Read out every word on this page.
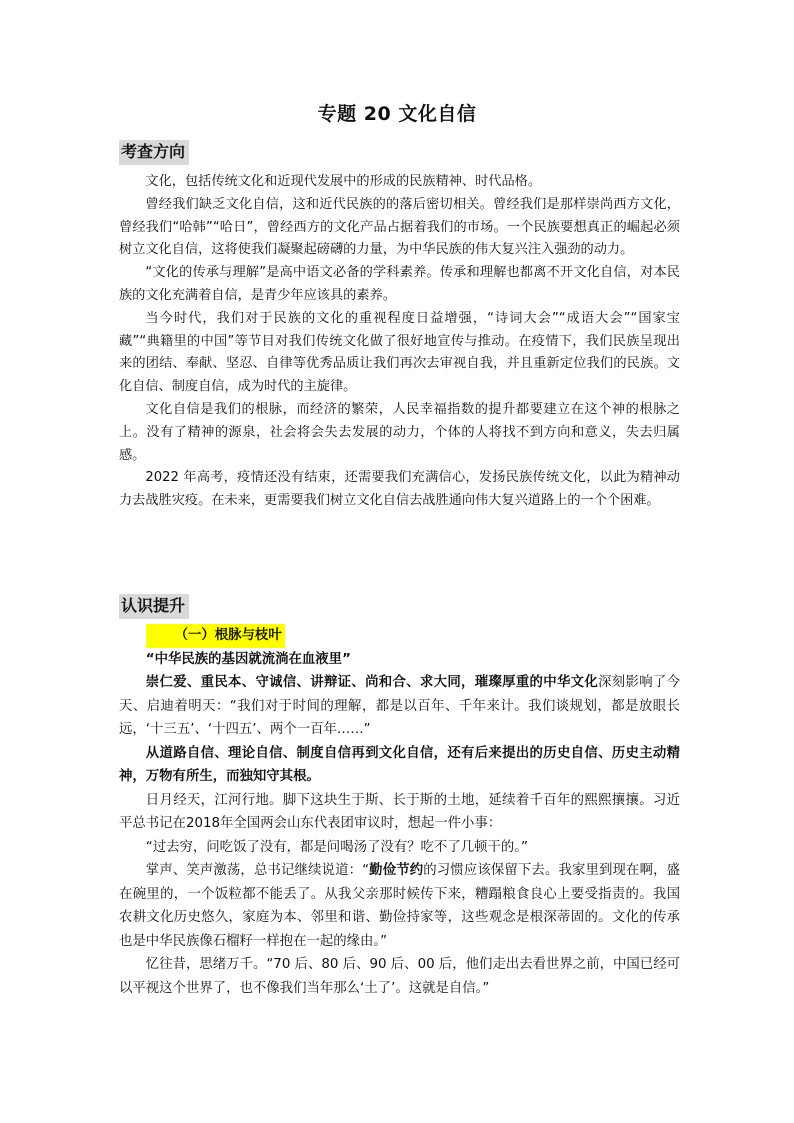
专题 20 文化自信
考查方向

文化，包括传统文化和近现代发展中的形成的民族精神、时代品格。

曾经我们缺乏文化自信，这和近代民族的的落后密切相关。曾经我们是那样崇尚西方文化，曾经我们“哈韩”“哈日”，曾经西方的文化产品占据着我们的市场。一个民族要想真正的崛起必须树立文化自信，这将使我们凝聚起磅礴的力量，为中华民族的伟大复兴注入强劲的动力。

“文化的传承与理解”是高中语文必备的学科素养。传承和理解也都离不开文化自信，对本民族的文化充满着自信，是青少年应该具的素养。

当今时代，我们对于民族的文化的重视程度日益增强，“诗词大会”“成语大会”“国家宝藏”“典籍里的中国”等节目对我们传统文化做了很好地宣传与推动。在疫情下，我们民族呈现出来的团结、奉献、坚忍、自律等优秀品质让我们再次去审视自我，并且重新定位我们的民族。文化自信、制度自信，成为时代的主旋律。

文化自信是我们的根脉，而经济的繁荣，人民幸福指数的提升都要建立在这个神的根脉之上。没有了精神的源泉，社会将会失去发展的动力，个体的人将找不到方向和意义，失去归属感。

2022 年高考，疫情还没有结束，还需要我们充满信心，发扬民族传统文化，以此为精神动力去战胜灾疫。在未来，更需要我们树立文化自信去战胜通向伟大复兴道路上的一个个困难。

认识提升

（一）根脉与枝叶

“中华民族的基因就流淌在血液里”

崇仁爱、重民本、守诚信、讲辩证、尚和合、求大同，璀璨厚重的中华文化深刻影响了今天、启迪着明天：“我们对于时间的理解，都是以百年、千年来计。我们谈规划，都是放眼长远，‘十三五’、‘十四五’、两个一百年……”

从道路自信、理论自信、制度自信再到文化自信，还有后来提出的历史自信、历史主动精神，万物有所生，而独知守其根。

日月经天，江河行地。脚下这块生于斯、长于斯的土地，延续着千百年的熙熙攘攘。习近平总书记在2018年全国两会山东代表团审议时，想起一件小事：

“过去穷，问吃饭了没有，都是问喝汤了没有？吃不了几顿干的。”

掌声、笑声激荡，总书记继续说道：“勤俭节约的习惯应该保留下去。我家里到现在啊，盛在碗里的，一个饭粒都不能丢了。从我父亲那时候传下来，糟蹋粮食良心上要受指责的。我国农耕文化历史悠久，家庭为本、邻里和谐、勤俭持家等，这些观念是根深蒂固的。文化的传承也是中华民族像石榴籽一样抱在一起的缘由。”

忆往昔，思绪万千。“70 后、80 后、90 后、00 后，他们走出去看世界之前，中国已经可以平视这个世界了，也不像我们当年那么‘土了’。这就是自信。”
